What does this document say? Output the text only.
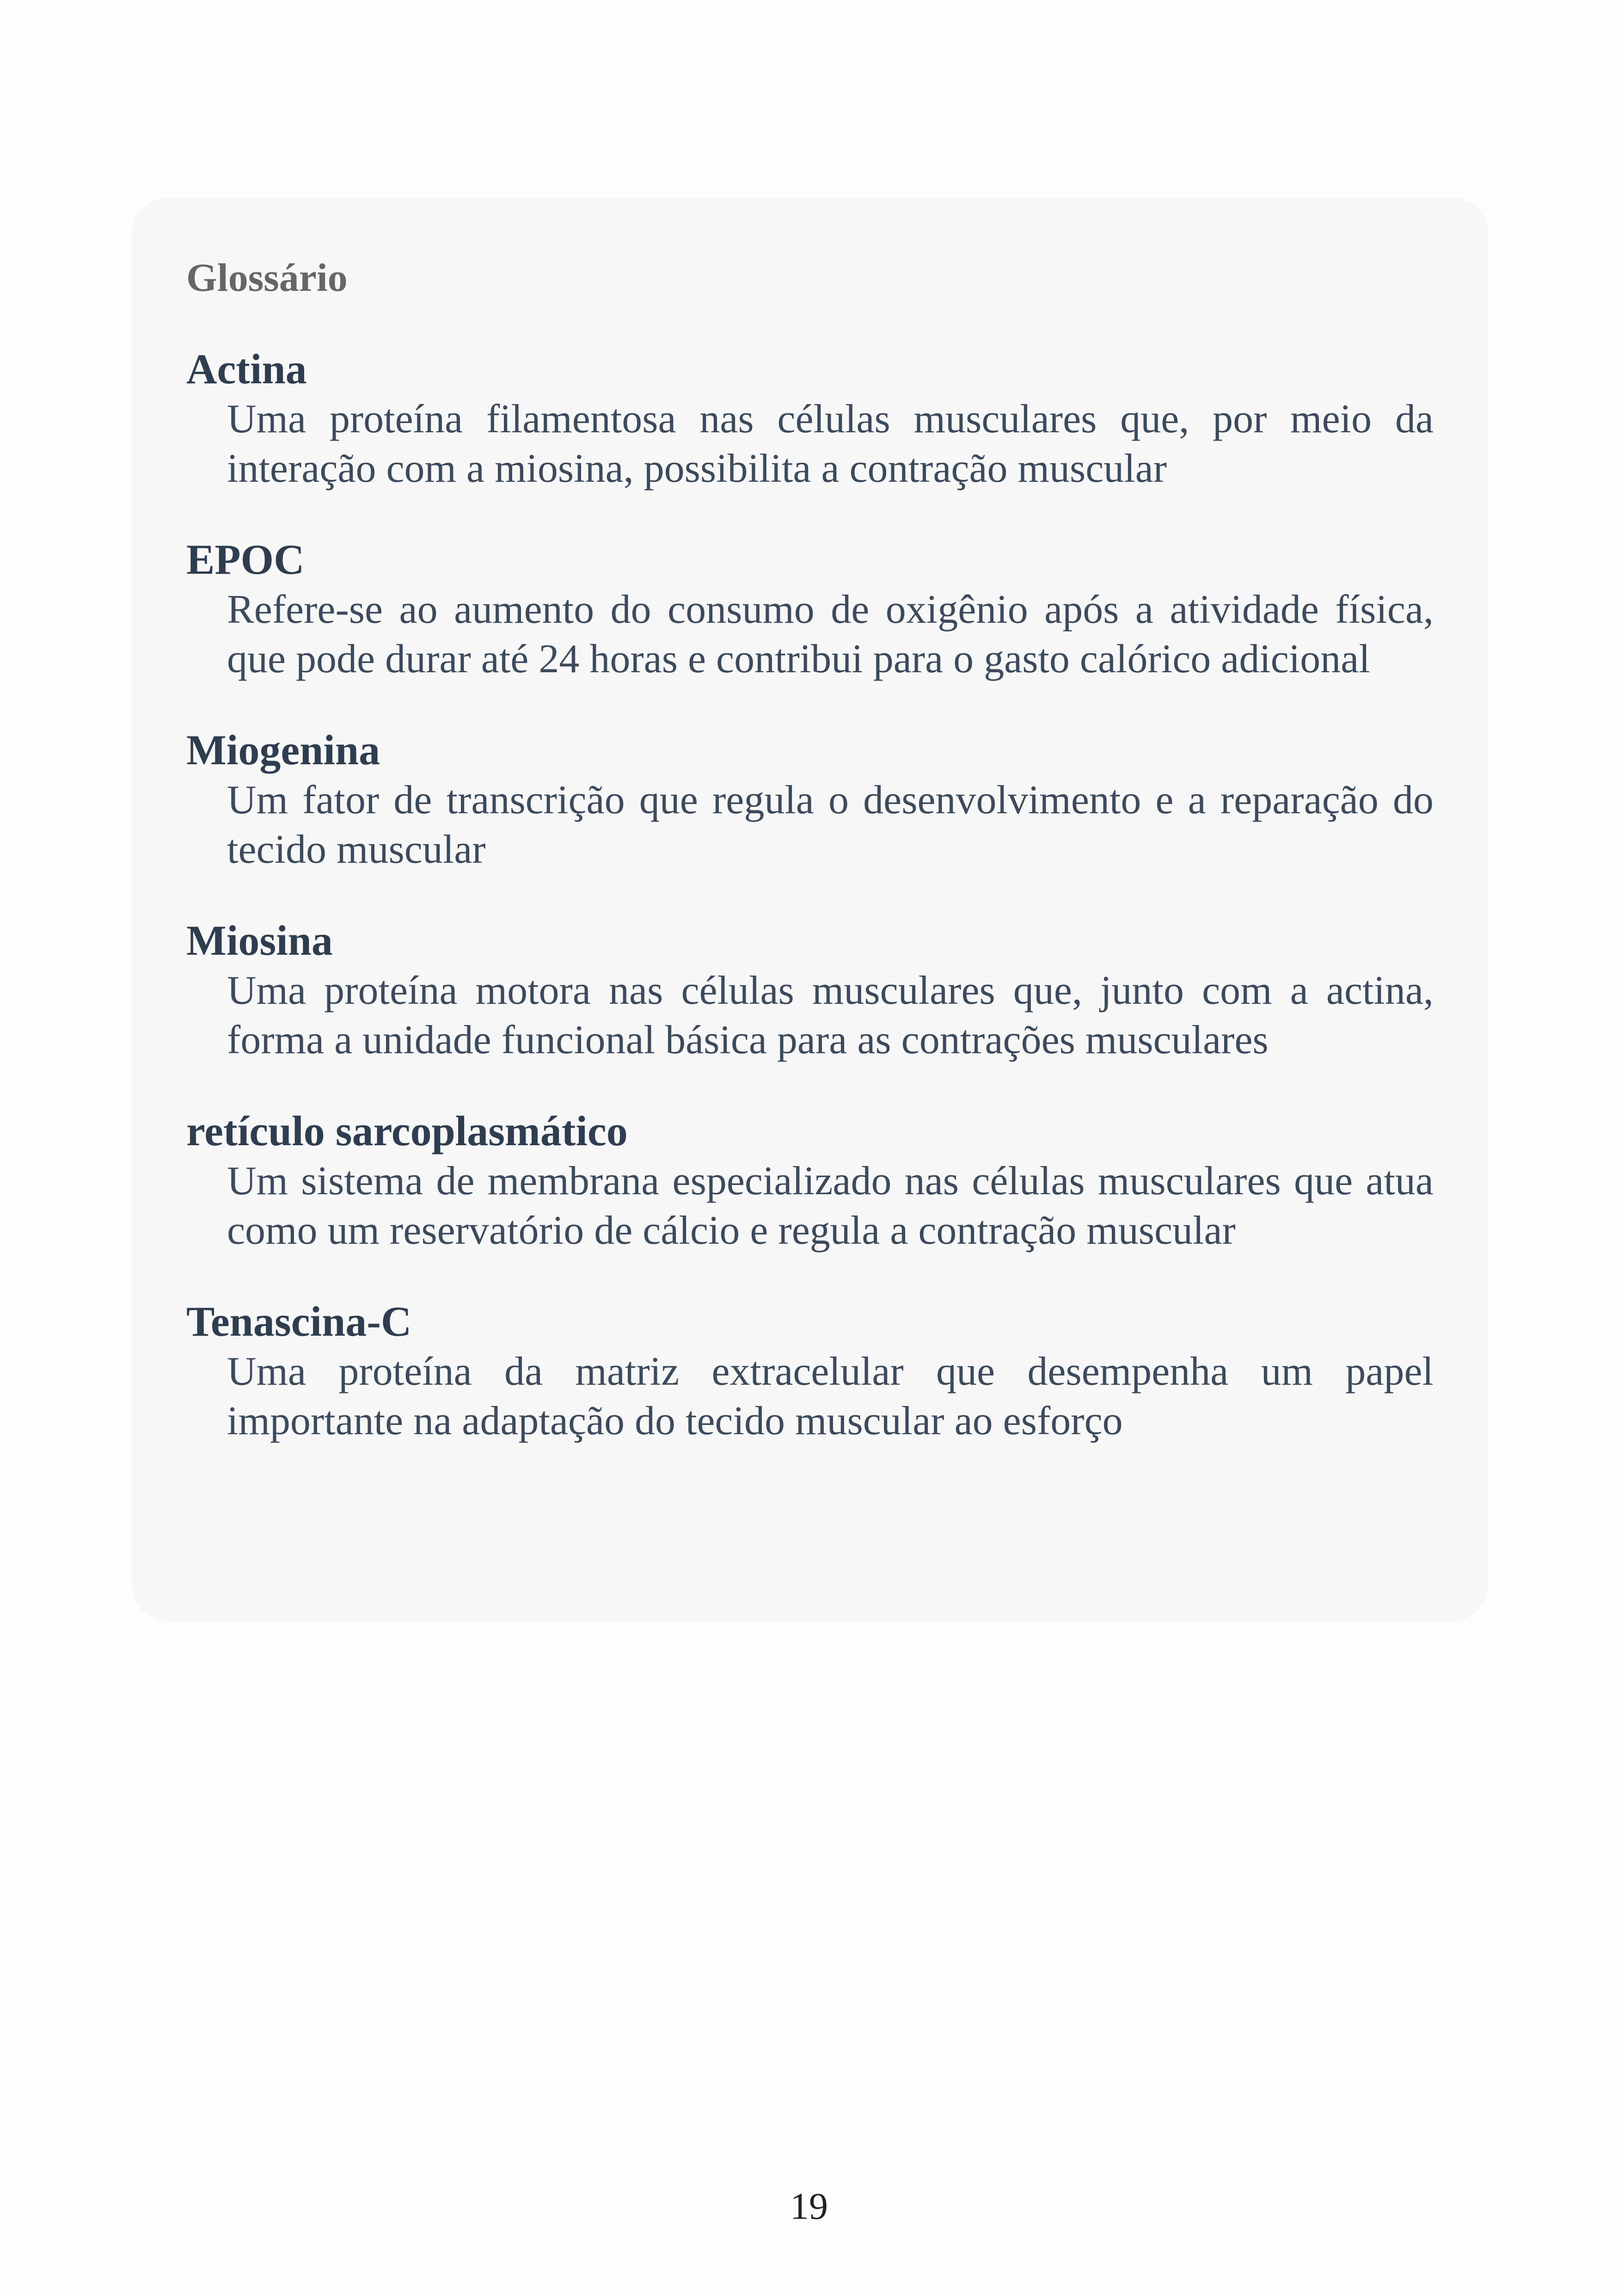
Glossário

Actina

Uma proteína filamentosa nas células musculares que, por meio da interação com a miosina, possibilita a contração muscular

EPOC

Refere-se ao aumento do consumo de oxigênio após a atividade física, que pode durar até 24 horas e contribui para o gasto calórico adicional

Miogenina

Um fator de transcrição que regula o desenvolvimento e a reparação do tecido muscular

Miosina

Uma proteína motora nas células musculares que, junto com a actina, forma a unidade funcional básica para as contrações musculares

retículo sarcoplasmático

Um sistema de membrana especializado nas células musculares que atua como um reservatório de cálcio e regula a contração muscular

Tenascina-C

Uma proteína da matriz extracelular que desempenha um papel importante na adaptação do tecido muscular ao esforço

19
